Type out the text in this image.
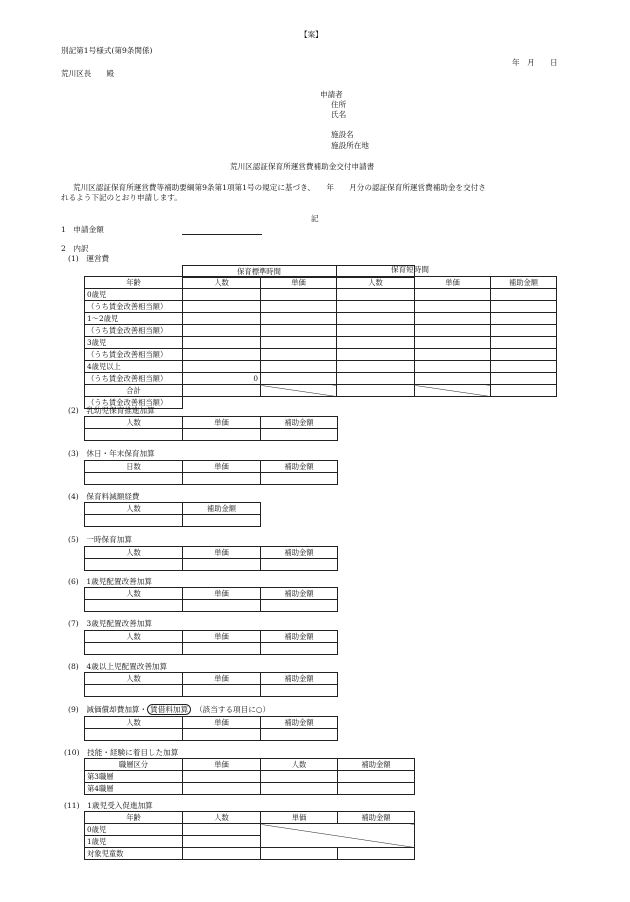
【案】
別記第1号様式(第9条関係)
年　月　　日
荒川区長　　殿
申請者
住所
氏名
施設名
施設所在地
荒川区認証保育所運営費補助金交付申請書
荒川区認証保育所運営費等補助要綱第9条第1項第1号の規定に基づき、　　年　　月分の認証保育所運営費補助金を交付さ
れるよう下記のとおり申請します。
記
1　申請金額
2　内訳
(1)　運営費
	保育標準時間		保育短時間
年齢	人数	単価	人数	単価	補助金額
0歳児					
（うち賃金改善相当額）					
1～2歳児					
（うち賃金改善相当額）					
3歳児					
（うち賃金改善相当額）					
4歳児以上					
（うち賃金改善相当額）	0				
合計					
（うち賃金改善相当額）					
(2)　乳幼児保育推進加算
人数	単価	補助金額

(3)　休日・年末保育加算
日数	単価	補助金額

(4)　保育料減額経費
人数	補助金額

(5)　一時保育加算
人数	単価	補助金額

(6)　1歳児配置改善加算
人数	単価	補助金額

(7)　3歳児配置改善加算
人数	単価	補助金額

(8)　4歳以上児配置改善加算
人数	単価	補助金額

(9)　減価償却費加算・ 賃借料加算 （該当する項目に○）
人数	単価	補助金額

(10)　技能・経験に着目した加算
職層区分	単価	人数	補助金額
第3職層			
第4職層			
(11)　1歳児受入促進加算
年齢	人数	単価	補助金額
0歳児			
1歳児			
対象児童数			
